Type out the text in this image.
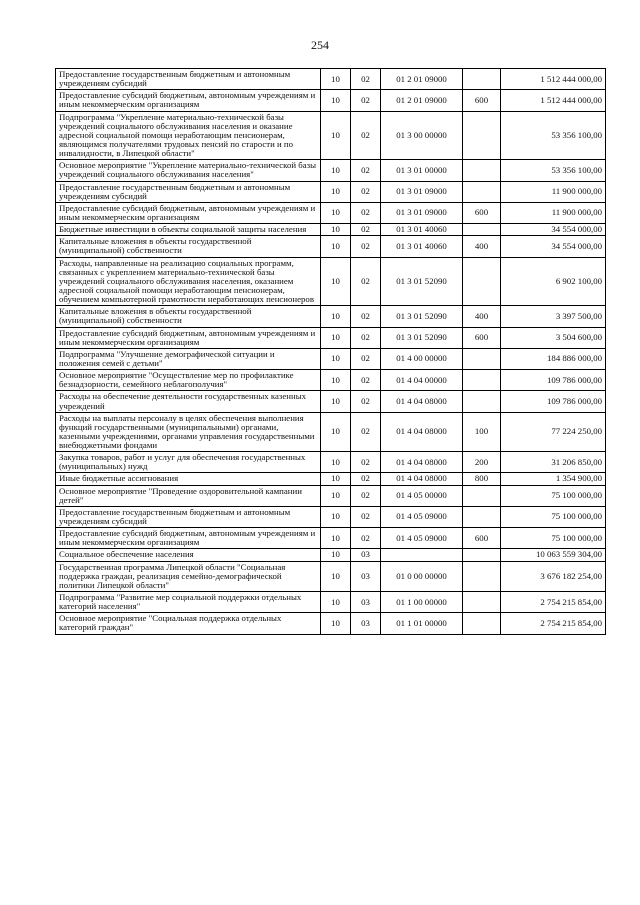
254
Предоставление государственным бюджетным и автономным учреждениям субсидий	10	02	01 2 01 09000		1 512 444 000,00
Предоставление субсидий бюджетным, автономным учреждениям и иным некоммерческим организациям	10	02	01 2 01 09000	600	1 512 444 000,00
Подпрограмма "Укрепление материально-технической базы учреждений социального обслуживания населения и оказание адресной социальной помощи неработающим пенсионерам, являющимся получателями трудовых пенсий по старости и по инвалидности, в Липецкой области"	10	02	01 3 00 00000		53 356 100,00
Основное мероприятие "Укрепление материально-технической базы учреждений социального обслуживания населения"	10	02	01 3 01 00000		53 356 100,00
Предоставление государственным бюджетным и автономным учреждениям субсидий	10	02	01 3 01 09000		11 900 000,00
Предоставление субсидий бюджетным, автономным учреждениям и иным некоммерческим организациям	10	02	01 3 01 09000	600	11 900 000,00
Бюджетные инвестиции в объекты социальной защиты населения	10	02	01 3 01 40060		34 554 000,00
Капитальные вложения в объекты государственной (муниципальной) собственности	10	02	01 3 01 40060	400	34 554 000,00
Расходы, направленные на реализацию социальных программ, связанных с укреплением материально-технической базы учреждений социального обслуживания населения, оказанием адресной социальной помощи неработающим пенсионерам, обучением компьютерной грамотности неработающих пенсионеров	10	02	01 3 01 52090		6 902 100,00
Капитальные вложения в объекты государственной (муниципальной) собственности	10	02	01 3 01 52090	400	3 397 500,00
Предоставление субсидий бюджетным, автономным учреждениям и иным некоммерческим организациям	10	02	01 3 01 52090	600	3 504 600,00
Подпрограмма "Улучшение демографической ситуации и положения семей с детьми"	10	02	01 4 00 00000		184 886 000,00
Основное мероприятие "Осуществление мер по профилактике безнадзорности, семейного неблагополучия"	10	02	01 4 04 00000		109 786 000,00
Расходы на обеспечение деятельности государственных казенных учреждений	10	02	01 4 04 08000		109 786 000,00
Расходы на выплаты персоналу в целях обеспечения выполнения функций государственными (муниципальными) органами, казенными учреждениями, органами управления государственными внебюджетными фондами	10	02	01 4 04 08000	100	77 224 250,00
Закупка товаров, работ и услуг для обеспечения государственных (муниципальных) нужд	10	02	01 4 04 08000	200	31 206 850,00
Иные бюджетные ассигнования	10	02	01 4 04 08000	800	1 354 900,00
Основное мероприятие "Проведение оздоровительной кампании детей"	10	02	01 4 05 00000		75 100 000,00
Предоставление государственным бюджетным и автономным учреждениям субсидий	10	02	01 4 05 09000		75 100 000,00
Предоставление субсидий бюджетным, автономным учреждениям и иным некоммерческим организациям	10	02	01 4 05 09000	600	75 100 000,00
Социальное обеспечение населения	10	03			10 063 559 304,00
Государственная программа Липецкой области "Социальная поддержка граждан, реализация семейно-демографической политики Липецкой области"	10	03	01 0 00 00000		3 676 182 254,00
Подпрограмма "Развитие мер социальной поддержки отдельных категорий населения"	10	03	01 1 00 00000		2 754 215 854,00
Основное мероприятие "Социальная поддержка отдельных категорий граждан"	10	03	01 1 01 00000		2 754 215 854,00
